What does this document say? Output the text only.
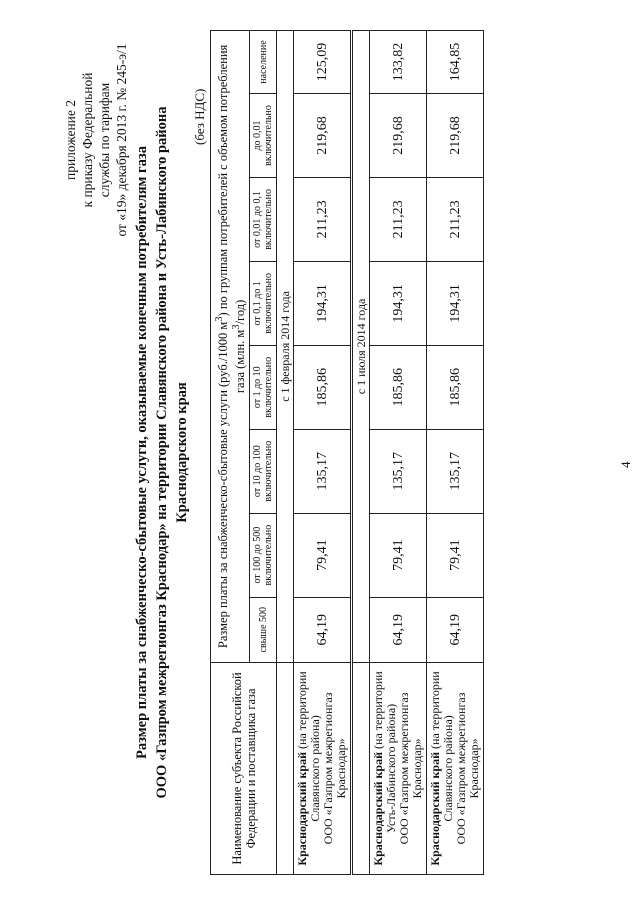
приложение 2 к приказу Федеральной службы по тарифам от «19» декабря 2013 г. № 245-э/1
Размер платы за снабженческо-сбытовые услуги, оказываемые конечным потребителям газа ООО «Газпром межрегионгаз Краснодар» на территории Славянского района и Усть-Лабинского района Краснодарского края
(без НДС)
Наименование субъекта Российской Федерации и поставщика газа	Размер платы за снабженческо-сбытовые услуги (руб./1000 $м^3$) по группам потребителей с объемом потребления газа (млн. $м^3/год$)							
	свыше 500	от 100 до 500 включительно	от 10 до 100 включительно	от 1 до 10 включительно	от 0,1 до 1 включительно	от 0,01 до 0,1 включительно	до 0,01 включительно	население
	с 1 февраля 2014 года							
Краснодарский край (на территории Славянского района)
ООО «Газпром межрегионгаз Краснодар»	64,19	79,41	135,17	185,86	194,31	211,23	219,68	125,09
	с 1 июля 2014 года							
Краснодарский край (на территории Усть-Лабинского района)
ООО «Газпром межрегионгаз Краснодар»	64,19	79,41	135,17	185,86	194,31	211,23	219,68	133,82
Краснодарский край (на территории Славянского района)
ООО «Газпром межрегионгаз Краснодар»	64,19	79,41	135,17	185,86	194,31	211,23	219,68	164,85
4
